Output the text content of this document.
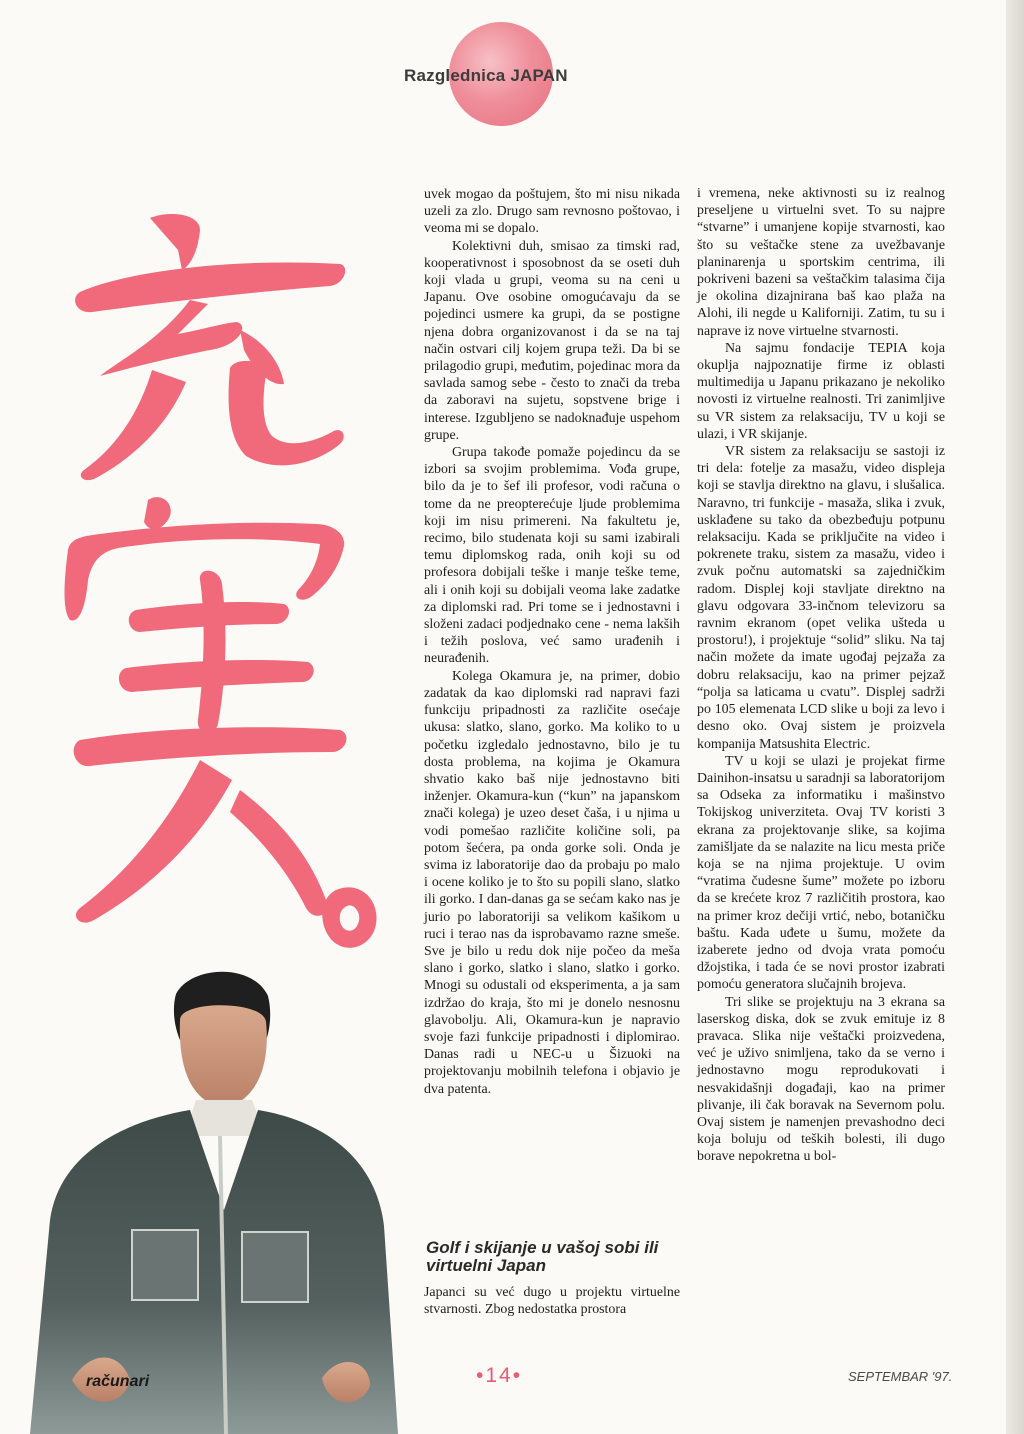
Razglednica JAPAN

uvek mogao da poštujem, što mi nisu nikada uzeli za zlo. Drugo sam revnosno poštovao, i veoma mi se dopalo.

Kolektivni duh, smisao za timski rad, kooperativnost i sposobnost da se oseti duh koji vlada u grupi, veoma su na ceni u Japanu. Ove osobine omogućavaju da se pojedinci usmere ka grupi, da se postigne njena dobra organizovanost i da se na taj način ostvari cilj kojem grupa teži. Da bi se prilagodio grupi, međutim, pojedinac mora da savlada samog sebe - često to znači da treba da zaboravi na sujetu, sopstvene brige i interese. Izgubljeno se nadoknađuje uspehom grupe.

Grupa takođe pomaže pojedincu da se izbori sa svojim problemima. Vođa grupe, bilo da je to šef ili profesor, vodi računa o tome da ne preopterećuje ljude problemima koji im nisu primereni. Na fakultetu je, recimo, bilo studenata koji su sami izabirali temu diplomskog rada, onih koji su od profesora dobijali teške i manje teške teme, ali i onih koji su dobijali veoma lake zadatke za diplomski rad. Pri tome se i jednostavni i složeni zadaci podjednako cene - nema lakših i težih poslova, već samo urađenih i neurađenih.

Kolega Okamura je, na primer, dobio zadatak da kao diplomski rad napravi fazi funkciju pripadnosti za različite osećaje ukusa: slatko, slano, gorko. Ma koliko to u početku izgledalo jednostavno, bilo je tu dosta problema, na kojima je Okamura shvatio kako baš nije jednostavno biti inženjer. Okamura-kun (“kun” na japanskom znači kolega) je uzeo deset čaša, i u njima u vodi pomešao različite količine soli, pa potom šećera, pa onda gorke soli. Onda je svima iz laboratorije dao da probaju po malo i ocene koliko je to što su popili slano, slatko ili gorko. I dan-danas ga se sećam kako nas je jurio po laboratoriji sa velikom kašikom u ruci i terao nas da isprobavamo razne smeše. Sve je bilo u redu dok nije počeo da meša slano i gorko, slatko i slano, slatko i gorko. Mnogi su odustali od eksperimenta, a ja sam izdržao do kraja, što mi je donelo nesnosnu glavobolju. Ali, Okamura-kun je napravio svoje fazi funkcije pripadnosti i diplomirao. Danas radi u NEC-u u Šizuoki na projektovanju mobilnih telefona i objavio je dva patenta.

Golf i skijanje u vašoj sobi ili virtuelni Japan

Japanci su već dugo u projektu virtuelne stvarnosti. Zbog nedostatka prostora

i vremena, neke aktivnosti su iz realnog preseljene u virtuelni svet. To su najpre “stvarne” i umanjene kopije stvarnosti, kao što su veštačke stene za uvežbavanje planinarenja u sportskim centrima, ili pokriveni bazeni sa veštačkim talasima čija je okolina dizajnirana baš kao plaža na Alohi, ili negde u Kaliforniji. Zatim, tu su i naprave iz nove virtuelne stvarnosti.

Na sajmu fondacije TEPIA koja okuplja najpoznatije firme iz oblasti multimedija u Japanu prikazano je nekoliko novosti iz virtuelne realnosti. Tri zanimljive su VR sistem za relaksaciju, TV u koji se ulazi, i VR skijanje.

VR sistem za relaksaciju se sastoji iz tri dela: fotelje za masažu, video displeja koji se stavlja direktno na glavu, i slušalica. Naravno, tri funkcije - masaža, slika i zvuk, usklađene su tako da obezbeđuju potpunu relaksaciju. Kada se priključite na video i pokrenete traku, sistem za masažu, video i zvuk počnu automatski sa zajedničkim radom. Displej koji stavljate direktno na glavu odgovara 33-inčnom televizoru sa ravnim ekranom (opet velika ušteda u prostoru!), i projektuje “solid” sliku. Na taj način možete da imate ugođaj pejzaža za dobru relaksaciju, kao na primer pejzaž “polja sa laticama u cvatu”. Displej sadrži po 105 elemenata LCD slike u boji za levo i desno oko. Ovaj sistem je proizvela kompanija Matsushita Electric.

TV u koji se ulazi je projekat firme Dainihon-insatsu u saradnji sa laboratorijom sa Odseka za informatiku i mašinstvo Tokijskog univerziteta. Ovaj TV koristi 3 ekrana za projektovanje slike, sa kojima zamišljate da se nalazite na licu mesta priče koja se na njima projektuje. U ovim “vratima čudesne šume” možete po izboru da se krećete kroz 7 različitih prostora, kao na primer kroz dečiji vrtić, nebo, botaničku baštu. Kada uđete u šumu, možete da izaberete jedno od dvoja vrata pomoću džojstika, i tada će se novi prostor izabrati pomoću generatora slučajnih brojeva.

Tri slike se projektuju na 3 ekrana sa laserskog diska, dok se zvuk emituje iz 8 pravaca. Slika nije veštački proizvedena, već je uživo snimljena, tako da se verno i jednostavno mogu reprodukovati i nesvakidašnji događaji, kao na primer plivanje, ili čak boravak na Severnom polu. Ovaj sistem je namenjen prevashodno deci koja boluju od teških bolesti, ili dugo borave nepokretna u bol-

računari	•14•	SEPTEMBAR '97.
